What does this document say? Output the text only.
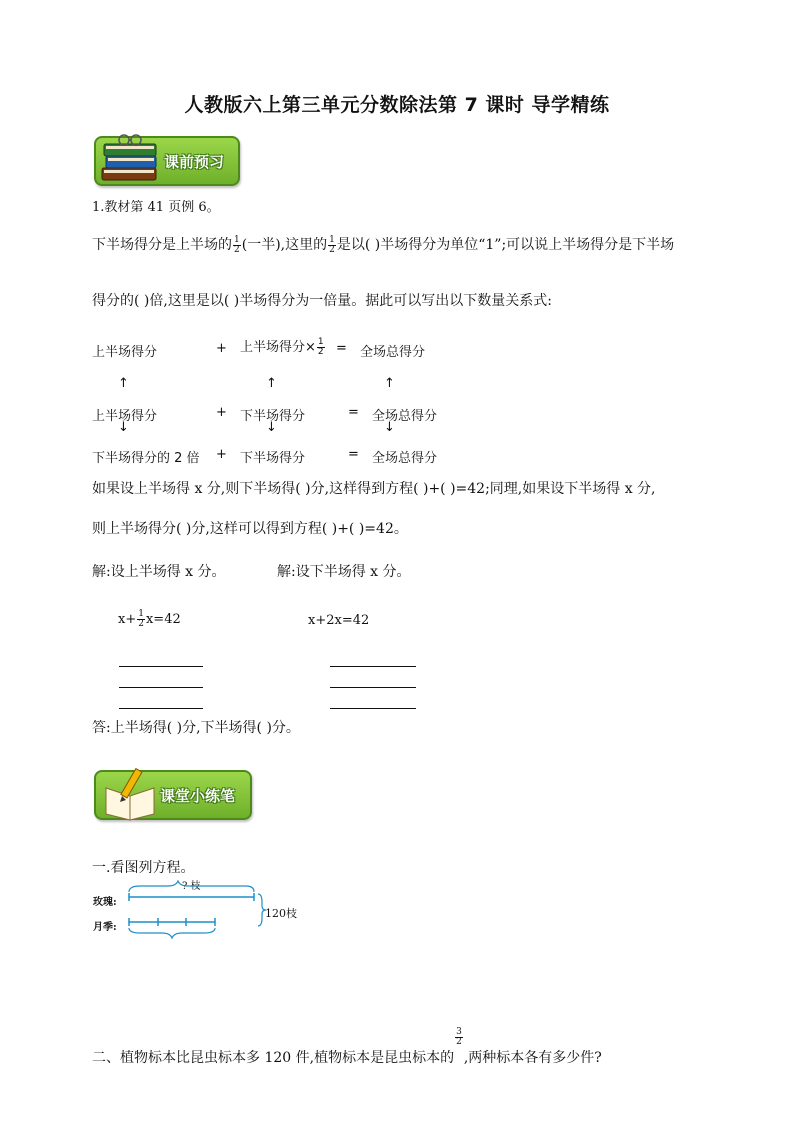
人教版六上第三单元分数除法第 7 课时 导学精练
课前预习
1.教材第 41 页例 6。
下半场得分是上半场的 $\frac{1}{2}$ (一半),这里的 $\frac{1}{2}$ 是以( )半场得分为单位“1”;可以说上半场得分是下半场
得分的( )倍,这里是以( )半场得分为一倍量。据此可以写出以下数量关系式:
上半场得分	+ 上半场得分× $\frac{1}{2}$ = 全场总得分
↑	↑	↑
上半场得分	+ 下半场得分	= 全场总得分
↓	↓	↓
下半场得分的 2 倍 + 下半场得分	= 全场总得分
如果设上半场得 x 分,则下半场得( )分,这样得到方程( )+( )=42;同理,如果设下半场得 x 分,
则上半场得分( )分,这样可以得到方程( )+( )=42。
解:设上半场得 x 分。	解:设下半场得 x 分。
$x+ \frac{1}{2} x=42$	x+2x=42
答:上半场得( )分,下半场得( )分。
课堂小练笔
一.看图列方程。
玫瑰:
? 枝
月季:
120枝
二、植物标本比昆虫标本多 120 件,植物标本是昆虫标本的
$\frac{3}{2}$
,两种标本各有多少件?
